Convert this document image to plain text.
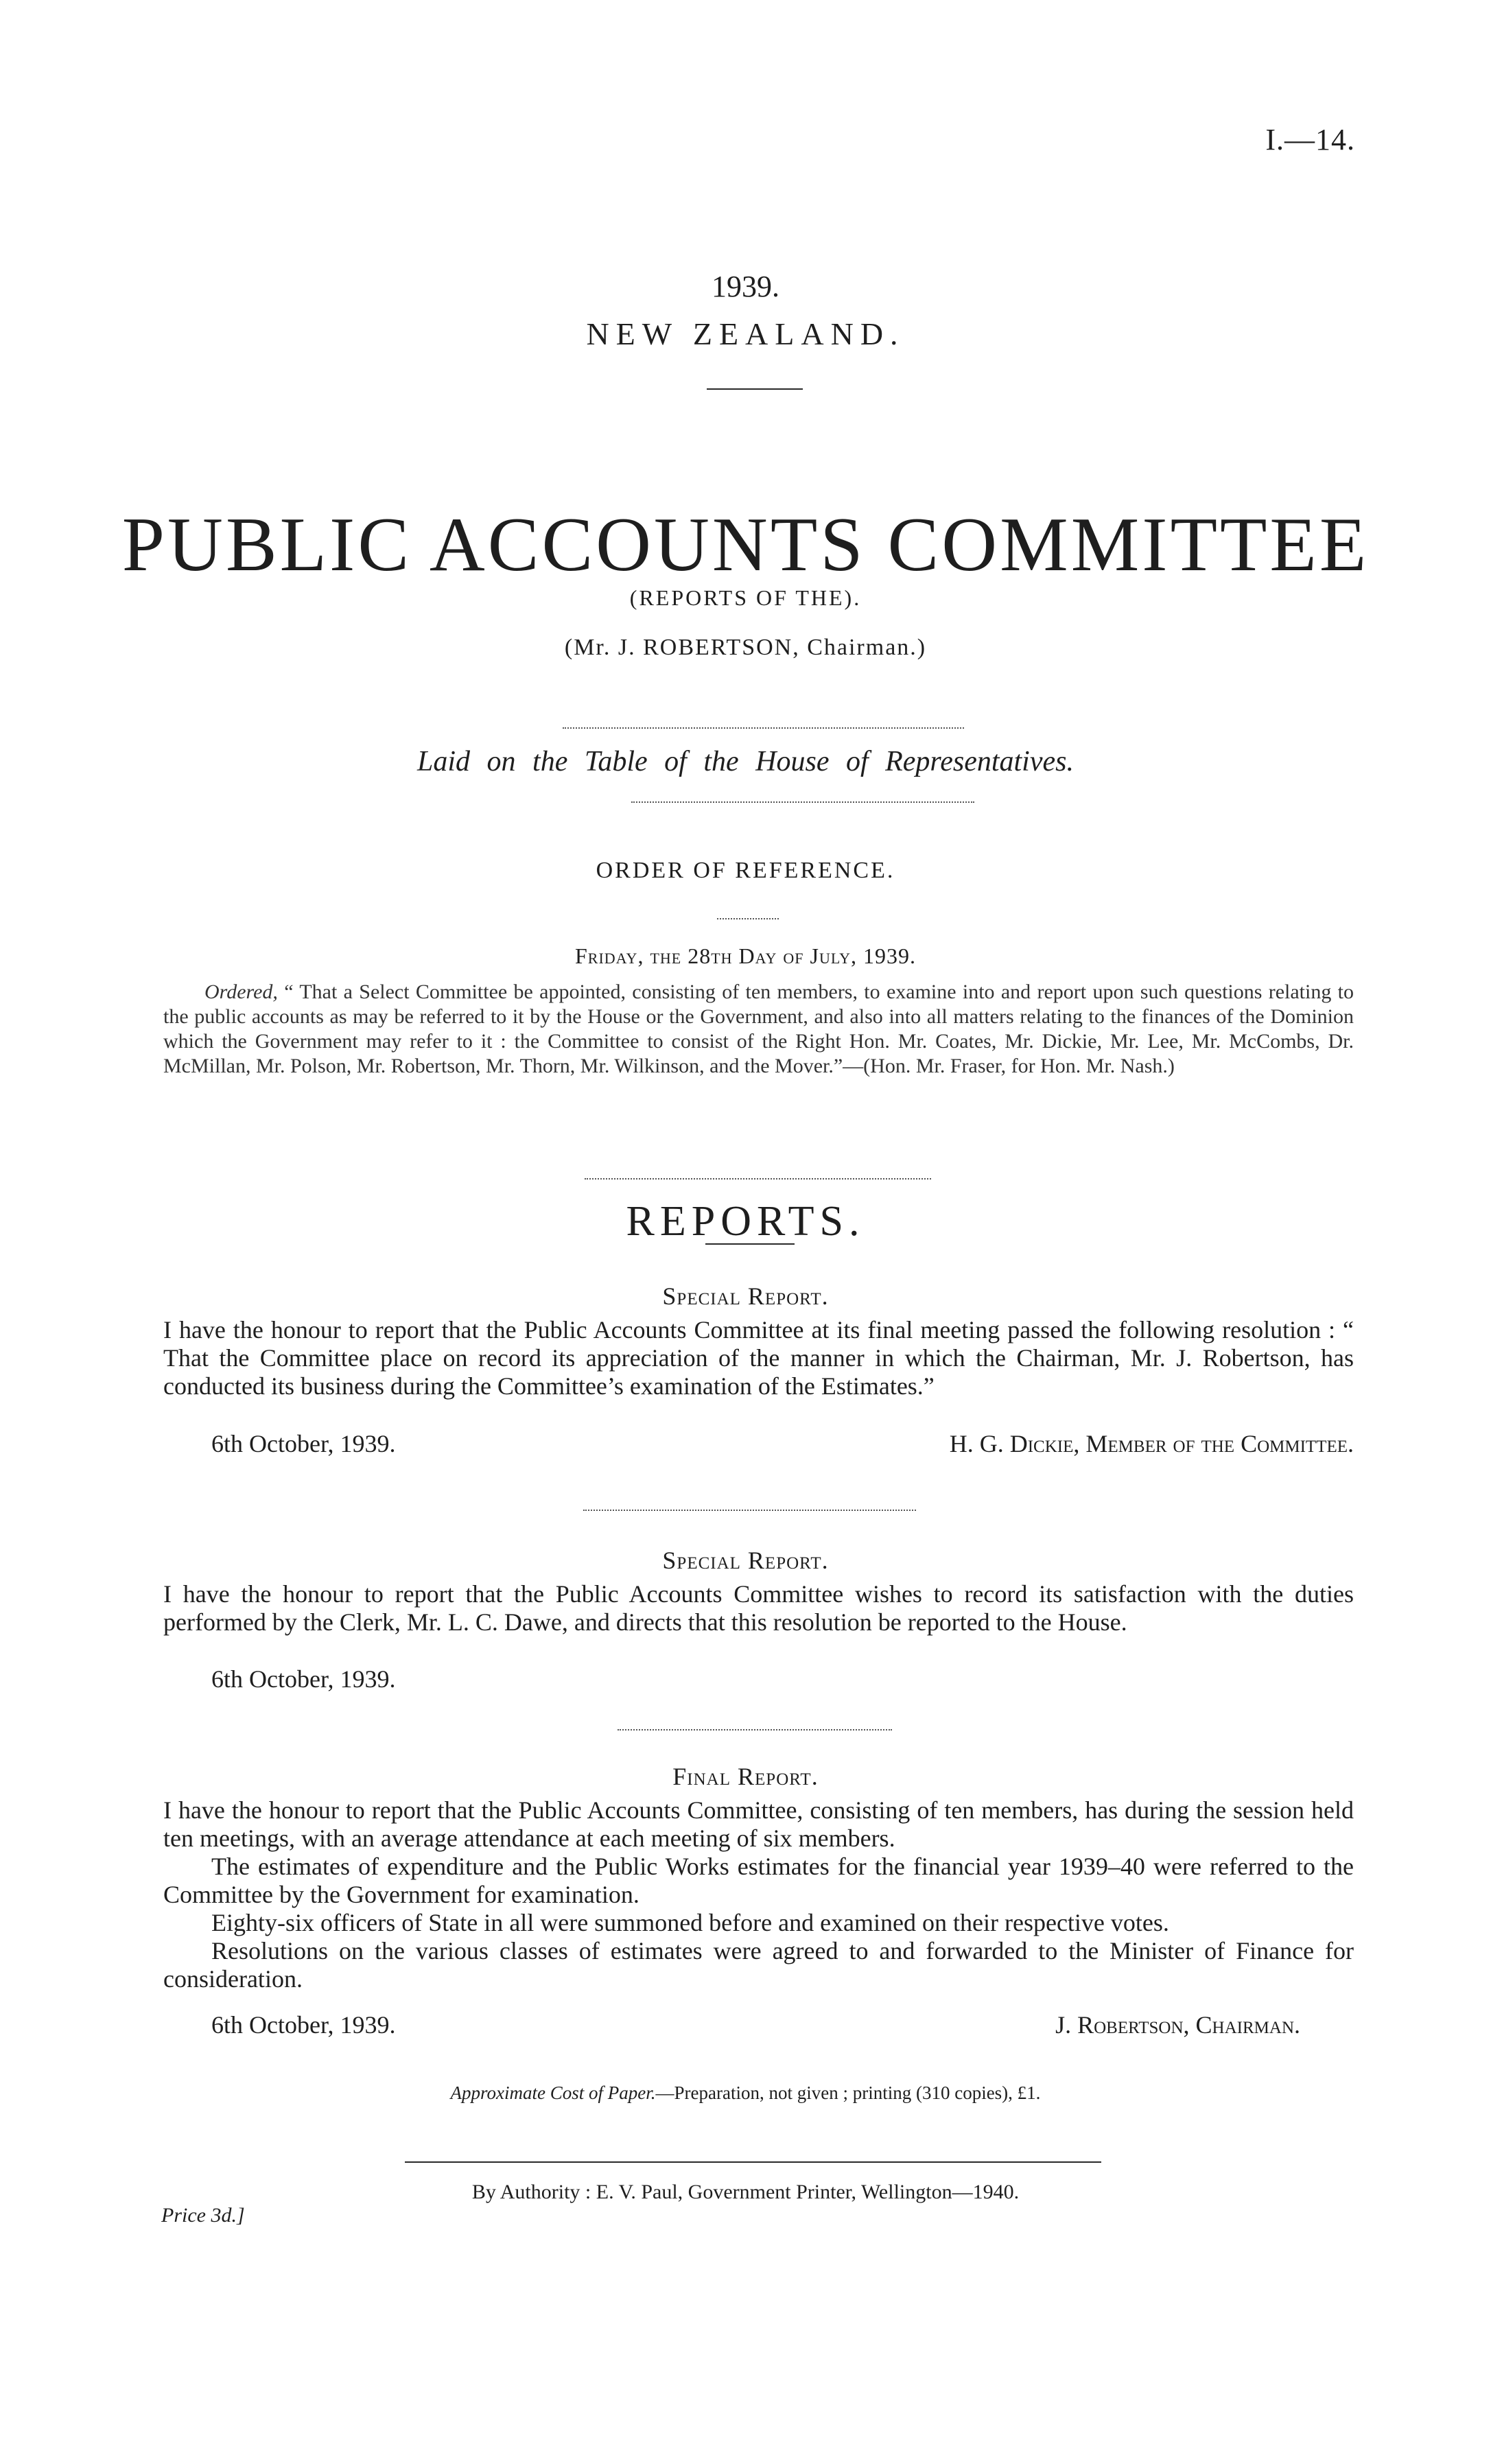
I.—14.
1939.
NEW ZEALAND.
PUBLIC ACCOUNTS COMMITTEE
(REPORTS OF THE).
(Mr. J. ROBERTSON, Chairman.)
Laid on the Table of the House of Representatives.
ORDER OF REFERENCE.
Friday, the 28th Day of July, 1939.
Ordered, “ That a Select Committee be appointed, consisting of ten members, to examine into and report upon such questions relating to the public accounts as may be referred to it by the House or the Government, and also into all matters relating to the finances of the Dominion which the Government may refer to it : the Committee to consist of the Right Hon. Mr. Coates, Mr. Dickie, Mr. Lee, Mr. McCombs, Dr. McMillan, Mr. Polson, Mr. Robertson, Mr. Thorn, Mr. Wilkinson, and the Mover.”—(Hon. Mr. Fraser, for Hon. Mr. Nash.)
REPORTS.
Special Report.
I have the honour to report that the Public Accounts Committee at its final meeting passed the following resolution : “ That the Committee place on record its appreciation of the manner in which the Chairman, Mr. J. Robertson, has conducted its business during the Committee’s examination of the Estimates.”
6th October, 1939.	H. G. Dickie, Member of the Committee.
Special Report.
I have the honour to report that the Public Accounts Committee wishes to record its satisfaction with the duties performed by the Clerk, Mr. L. C. Dawe, and directs that this resolution be reported to the House.
6th October, 1939.
Final Report.
I have the honour to report that the Public Accounts Committee, consisting of ten members, has during the session held ten meetings, with an average attendance at each meeting of six members.
The estimates of expenditure and the Public Works estimates for the financial year 1939–40 were referred to the Committee by the Government for examination.
Eighty-six officers of State in all were summoned before and examined on their respective votes.
Resolutions on the various classes of estimates were agreed to and forwarded to the Minister of Finance for consideration.
6th October, 1939.	J. Robertson, Chairman.
Approximate Cost of Paper.—Preparation, not given ; printing (310 copies), £1.
Price 3d.]
By Authority : E. V. Paul, Government Printer, Wellington—1940.
